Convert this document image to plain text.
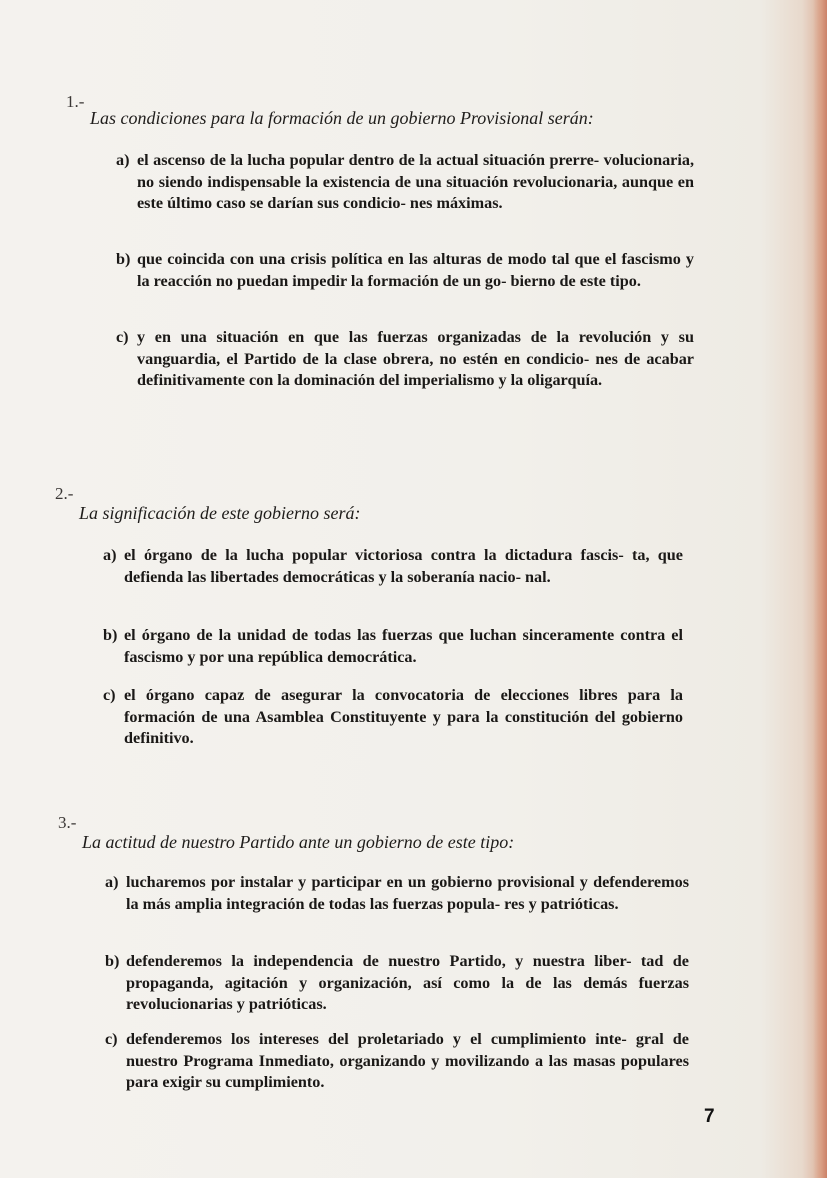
1.-
Las condiciones para la formación de un gobierno Provisional serán:
a) el ascenso de la lucha popular dentro de la actual situación prerre- volucionaria, no siendo indispensable la existencia de una situación revolucionaria, aunque en este último caso se darían sus condicio- nes máximas.
b) que coincida con una crisis política en las alturas de modo tal que el fascismo y la reacción no puedan impedir la formación de un go- bierno de este tipo.
c) y en una situación en que las fuerzas organizadas de la revolución y su vanguardia, el Partido de la clase obrera, no estén en condicio- nes de acabar definitivamente con la dominación del imperialismo y la oligarquía.
2.-
La significación de este gobierno será:
a) el órgano de la lucha popular victoriosa contra la dictadura fascis- ta, que defienda las libertades democráticas y la soberanía nacio- nal.
b) el órgano de la unidad de todas las fuerzas que luchan sinceramente contra el fascismo y por una república democrática.
c) el órgano capaz de asegurar la convocatoria de elecciones libres para la formación de una Asamblea Constituyente y para la constitución del gobierno definitivo.
3.-
La actitud de nuestro Partido ante un gobierno de este tipo:
a) lucharemos por instalar y participar en un gobierno provisional y defenderemos la más amplia integración de todas las fuerzas popula- res y patrióticas.
b) defenderemos la independencia de nuestro Partido, y nuestra liber- tad de propaganda, agitación y organización, así como la de las demás fuerzas revolucionarias y patrióticas.
c) defenderemos los intereses del proletariado y el cumplimiento inte- gral de nuestro Programa Inmediato, organizando y movilizando a las masas populares para exigir su cumplimiento.
7
